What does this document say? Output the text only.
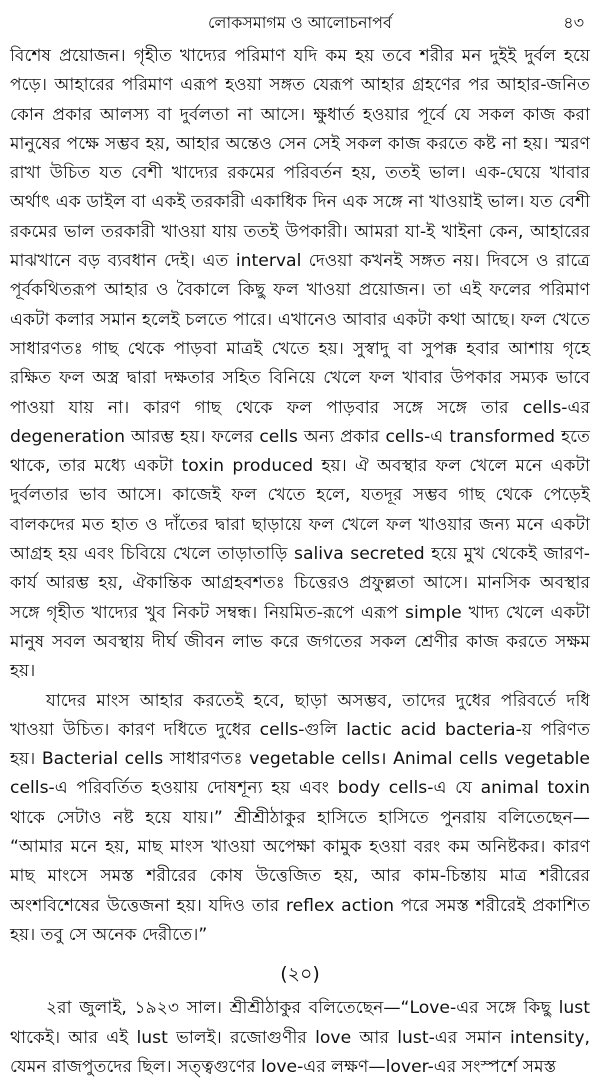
লোকসমাগম ও আলোচনাপর্ব	৪৩

বিশেষ প্রয়োজন। গৃহীত খাদ্যের পরিমাণ যদি কম হয় তবে শরীর মন দুইই দুর্বল হয়ে পড়ে। আহারের পরিমাণ এরূপ হওয়া সঙ্গত যেরূপ আহার গ্রহণের পর আহার-জনিত কোন প্রকার আলস্য বা দুর্বলতা না আসে। ক্ষুধার্ত হওয়ার পূর্বে যে সকল কাজ করা মানুষের পক্ষে সম্ভব হয়, আহার অন্তেও সেন সেই সকল কাজ করতে কষ্ট না হয়। স্মরণ রাখা উচিত যত বেশী খাদ্যের রকমের পরিবর্তন হয়, ততই ভাল। এক-ঘেয়ে খাবার অর্থাৎ এক ডাইল বা একই তরকারী একাধিক দিন এক সঙ্গে না খাওয়াই ভাল। যত বেশী রকমের ভাল তরকারী খাওয়া যায় ততই উপকারী। আমরা যা-ই খাইনা কেন, আহারের মাঝখানে বড় ব্যবধান দেই। এত interval দেওয়া কখনই সঙ্গত নয়। দিবসে ও রাত্রে পূর্বকথিতরূপ আহার ও বৈকালে কিছু ফল খাওয়া প্রয়োজন। তা এই ফলের পরিমাণ একটা কলার সমান হলেই চলতে পারে। এখানেও আবার একটা কথা আছে। ফল খেতে সাধারণতঃ গাছ থেকে পাড়বা মাত্রই খেতে হয়। সুস্বাদু বা সুপক্ক হবার আশায় গৃহে রক্ষিত ফল অস্ত্র দ্বারা দক্ষতার সহিত বিনিয়ে খেলে ফল খাবার উপকার সম্যক ভাবে পাওয়া যায় না। কারণ গাছ থেকে ফল পাড়বার সঙ্গে সঙ্গে তার cells-এর degeneration আরম্ভ হয়। ফলের cells অন্য প্রকার cells-এ transformed হতে থাকে, তার মধ্যে একটা toxin produced হয়। ঐ অবস্থার ফল খেলে মনে একটা দুর্বলতার ভাব আসে। কাজেই ফল খেতে হলে, যতদূর সম্ভব গাছ থেকে পেড়েই বালকদের মত হাত ও দাঁতের দ্বারা ছাড়ায়ে ফল খেলে ফল খাওয়ার জন্য মনে একটা আগ্রহ হয় এবং চিবিয়ে খেলে তাড়াতাড়ি saliva secreted হয়ে মুখ থেকেই জারণ-কার্য আরম্ভ হয়, ঐকান্তিক আগ্রহবশতঃ চিত্তেরও প্রফুল্লতা আসে। মানসিক অবস্থার সঙ্গে গৃহীত খাদ্যের খুব নিকট সম্বন্ধ। নিয়মিত-রূপে এরূপ simple খাদ্য খেলে একটা মানুষ সবল অবস্থায় দীর্ঘ জীবন লাভ করে জগতের সকল শ্রেণীর কাজ করতে সক্ষম হয়।

যাদের মাংস আহার করতেই হবে, ছাড়া অসম্ভব, তাদের দুধের পরিবর্তে দধি খাওয়া উচিত। কারণ দধিতে দুধের cells-গুলি lactic acid bacteria-য় পরিণত হয়। Bacterial cells সাধারণতঃ vegetable cells। Animal cells vegetable cells-এ পরিবর্তিত হওয়ায় দোষশূন্য হয় এবং body cells-এ যে animal toxin থাকে সেটাও নষ্ট হয়ে যায়।” শ্রীশ্রীঠাকুর হাসিতে হাসিতে পুনরায় বলিতেছেন— “আমার মনে হয়, মাছ মাংস খাওয়া অপেক্ষা কামুক হওয়া বরং কম অনিষ্টকর। কারণ মাছ মাংসে সমস্ত শরীরের কোষ উত্তেজিত হয়, আর কাম-চিন্তায় মাত্র শরীরের অংশবিশেষের উত্তেজনা হয়। যদিও তার reflex action পরে সমস্ত শরীরেই প্রকাশিত হয়। তবু সে অনেক দেরীতে।”

(২০)

২রা জুলাই, ১৯২৩ সাল। শ্রীশ্রীঠাকুর বলিতেছেন—“Love-এর সঙ্গে কিছু lust থাকেই। আর এই lust ভালই। রজোগুণীর love আর lust-এর সমান intensity, যেমন রাজপুতদের ছিল। সত্ত্বগুণের love-এর লক্ষণ—lover-এর সংস্পর্শে সমস্ত
